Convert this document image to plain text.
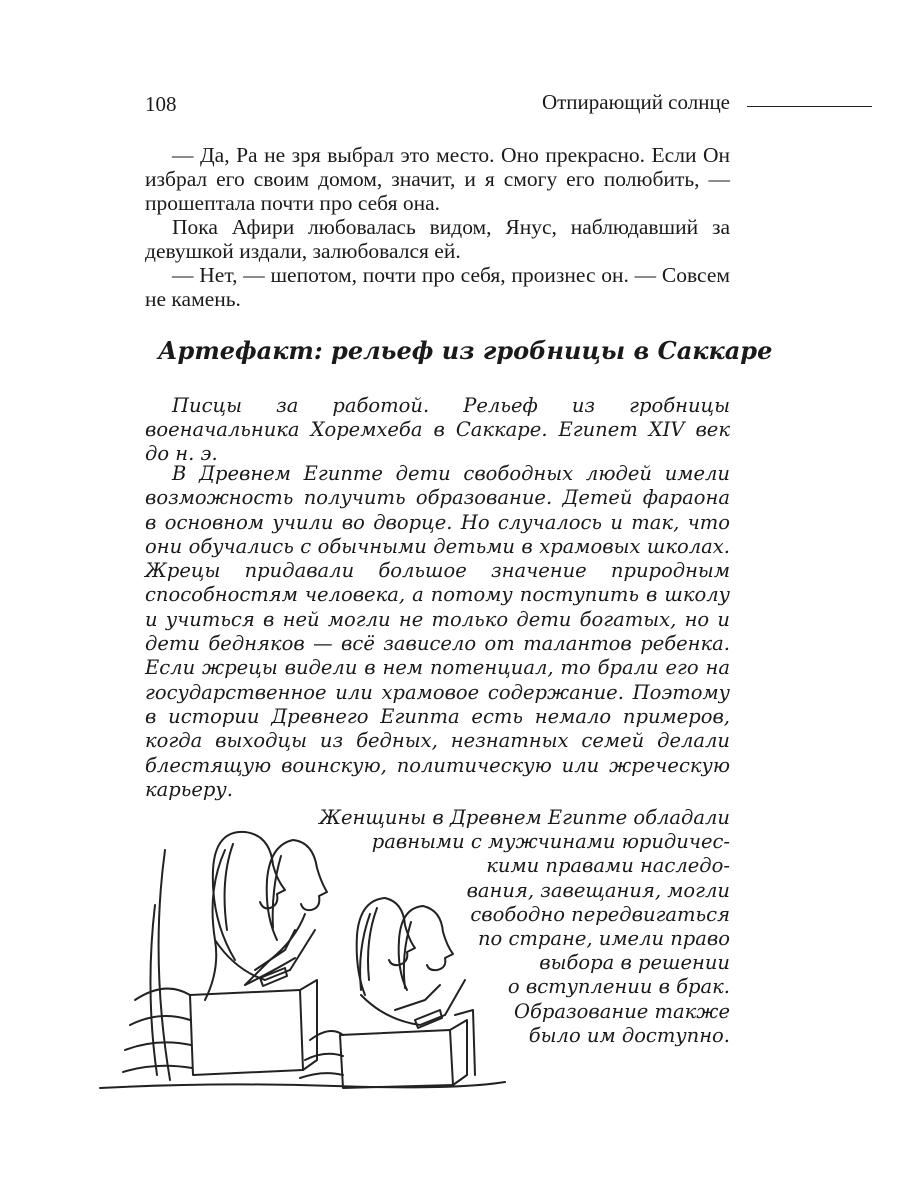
108	Отпирающий солнце

— Да, Ра не зря выбрал это место. Оно прекрасно. Если Он избрал его своим домом, значит, и я смогу его полюбить, — прошептала почти про себя она.

Пока Афири любовалась видом, Янус, наблюдавший за девушкой издали, залюбовался ей.

— Нет, — шепотом, почти про себя, произнес он. — Совсем не камень.

Артефакт: рельеф из гробницы в Саккаре

Писцы за работой. Рельеф из гробницы военачальника Хоремхеба в Саккаре. Египет XIV век до н. э.

В Древнем Египте дети свободных людей имели возможность получить образование. Детей фараона в основном учили во дворце. Но случалось и так, что они обучались с обычными детьми в храмовых школах. Жрецы придавали большое значение природным способностям человека, а потому поступить в школу и учиться в ней могли не только дети богатых, но и дети бедняков — всё зависело от талантов ребенка. Если жрецы видели в нем потенциал, то брали его на государственное или храмовое содержание. Поэтому в истории Древнего Египта есть немало примеров, когда выходцы из бедных, незнатных семей делали блестящую воинскую, политическую или жреческую карьеру.

Женщины в Древнем Египте обладали

равными с мужчинами юридичес-

кими правами наследо-

вания, завещания, могли

свободно передвигаться

по стране, имели право

выбора в решении

о вступлении в брак.

Образование также

было им доступно.
